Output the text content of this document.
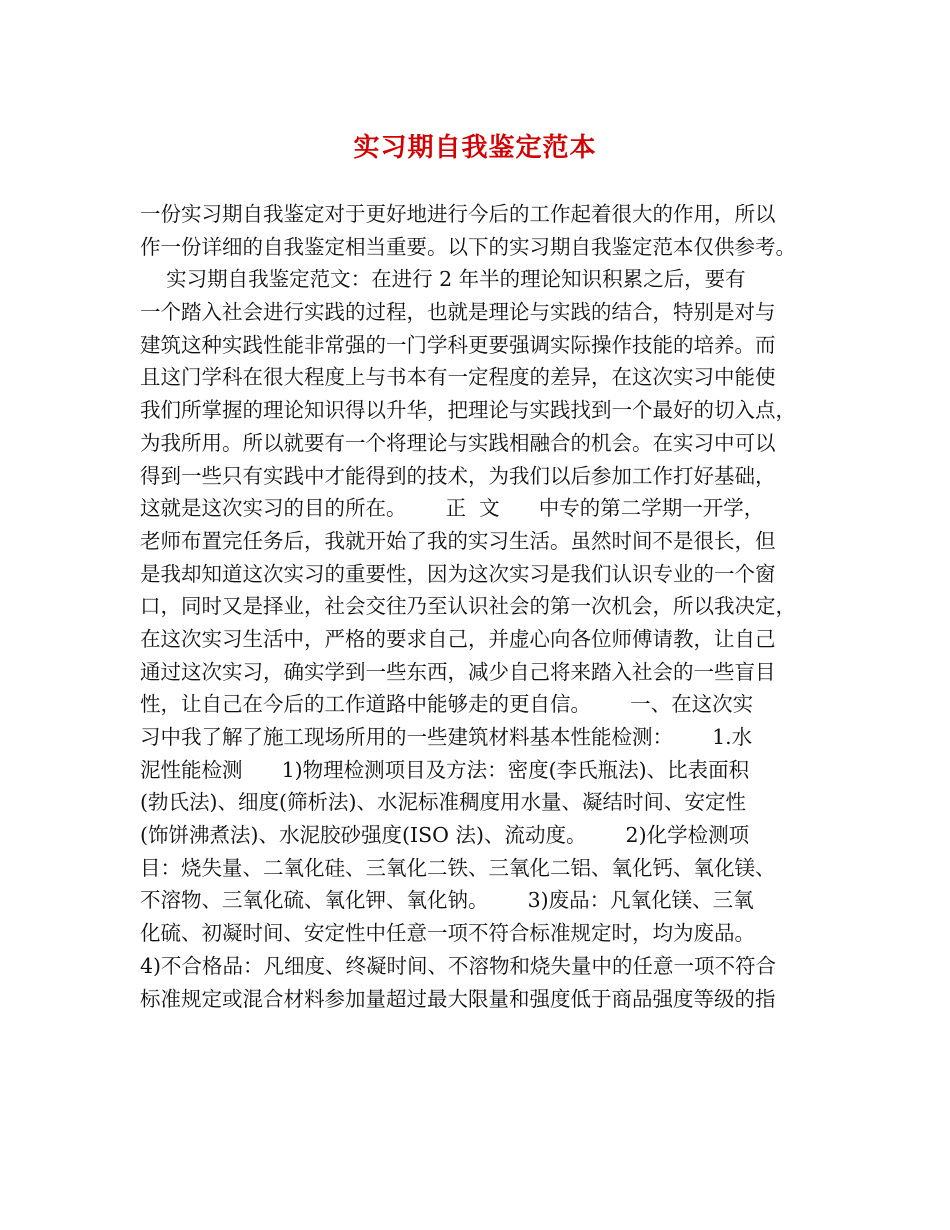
实习期自我鉴定范本
一份实习期自我鉴定对于更好地进行今后的工作起着很大的作用，所以
作一份详细的自我鉴定相当重要。以下的实习期自我鉴定范本仅供参考。
实习期自我鉴定范文：在进行 2 年半的理论知识积累之后，要有
一个踏入社会进行实践的过程，也就是理论与实践的结合，特别是对与
建筑这种实践性能非常强的一门学科更要强调实际操作技能的培养。而
且这门学科在很大程度上与书本有一定程度的差异，在这次实习中能使
我们所掌握的理论知识得以升华，把理论与实践找到一个最好的切入点，
为我所用。所以就要有一个将理论与实践相融合的机会。在实习中可以
得到一些只有实践中才能得到的技术，为我们以后参加工作打好基础，
这就是这次实习的目的所在。      正  文      中专的第二学期一开学，
老师布置完任务后，我就开始了我的实习生活。虽然时间不是很长，但
是我却知道这次实习的重要性，因为这次实习是我们认识专业的一个窗
口，同时又是择业，社会交往乃至认识社会的第一次机会，所以我决定，
在这次实习生活中，严格的要求自己，并虚心向各位师傅请教，让自己
通过这次实习，确实学到一些东西，减少自己将来踏入社会的一些盲目
性，让自己在今后的工作道路中能够走的更自信。      一、在这次实
习中我了解了施工现场所用的一些建筑材料基本性能检测：      1.水
泥性能检测      1)物理检测项目及方法：密度(李氏瓶法)、比表面积
(勃氏法)、细度(筛析法)、水泥标准稠度用水量、凝结时间、安定性
(饰饼沸煮法)、水泥胶砂强度(ISO 法)、流动度。      2)化学检测项
目：烧失量、二氧化硅、三氧化二铁、三氧化二铝、氧化钙、氧化镁、
不溶物、三氧化硫、氧化钾、氧化钠。      3)废品：凡氧化镁、三氧
化硫、初凝时间、安定性中任意一项不符合标准规定时，均为废品。
4)不合格品：凡细度、终凝时间、不溶物和烧失量中的任意一项不符合
标准规定或混合材料参加量超过最大限量和强度低于商品强度等级的指
